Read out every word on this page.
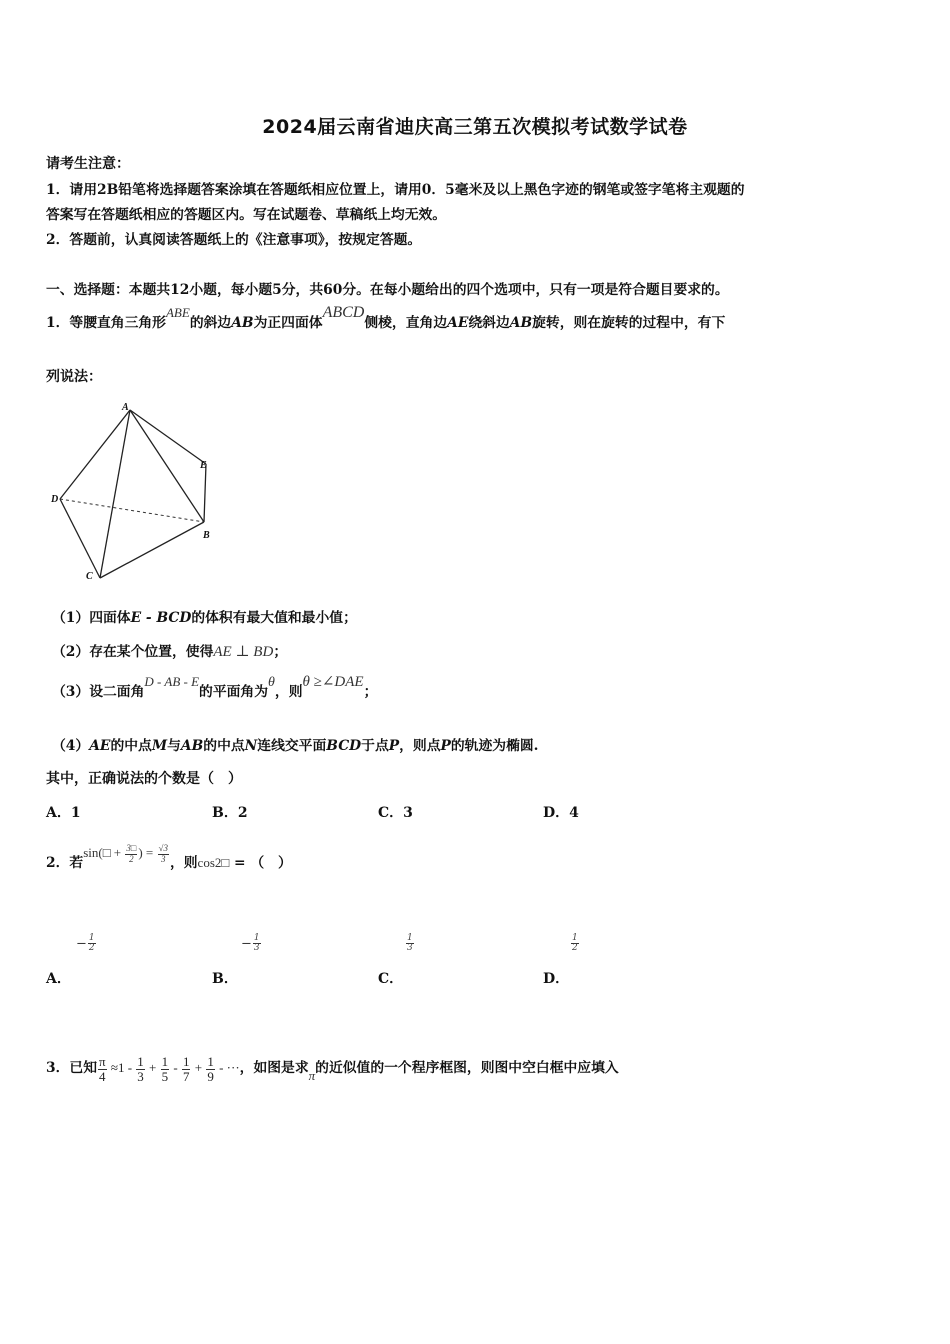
2024届云南省迪庆高三第五次模拟考试数学试卷
请考生注意：
1．请用2B铅笔将选择题答案涂填在答题纸相应位置上，请用0．5毫米及以上黑色字迹的钢笔或签字笔将主观题的
答案写在答题纸相应的答题区内。写在试题卷、草稿纸上均无效。
2．答题前，认真阅读答题纸上的《注意事项》，按规定答题。
一、选择题：本题共12小题，每小题5分，共60分。在每小题给出的四个选项中，只有一项是符合题目要求的。
1．等腰直角三角形ABE的斜边AB为正四面体ABCD侧棱，直角边AE绕斜边AB旋转，则在旋转的过程中，有下
列说法：
A
E
D
B
C
（1）四面体E - BCD的体积有最大值和最小值；
（2）存在某个位置，使得AE ⊥ BD；
（3）设二面角D - AB - E的平面角为θ，则θ ≥∠DAE；
（4）AE的中点M与AB的中点N连线交平面BCD于点P，则点P的轨迹为椭圆.
其中，正确说法的个数是（　）
A．1	B．2	C．3	D．4
2．若sin(□ + $\frac{3□}{2}$ ) = $\frac{√3}{3}$ ，则cos2□ = （　）
− $\frac{1}{2}$	− $\frac{1}{3}$	$\frac{1}{3}$	$\frac{1}{2}$
A．	B．	C．	D．
3．已知 $\frac{\pi}{4} \approx 1 - \frac{1}{3} + \frac{1}{5} - \frac{1}{7} + \frac{1}{9}$ - ···，如图是求π的近似值的一个程序框图，则图中空白框中应填入
